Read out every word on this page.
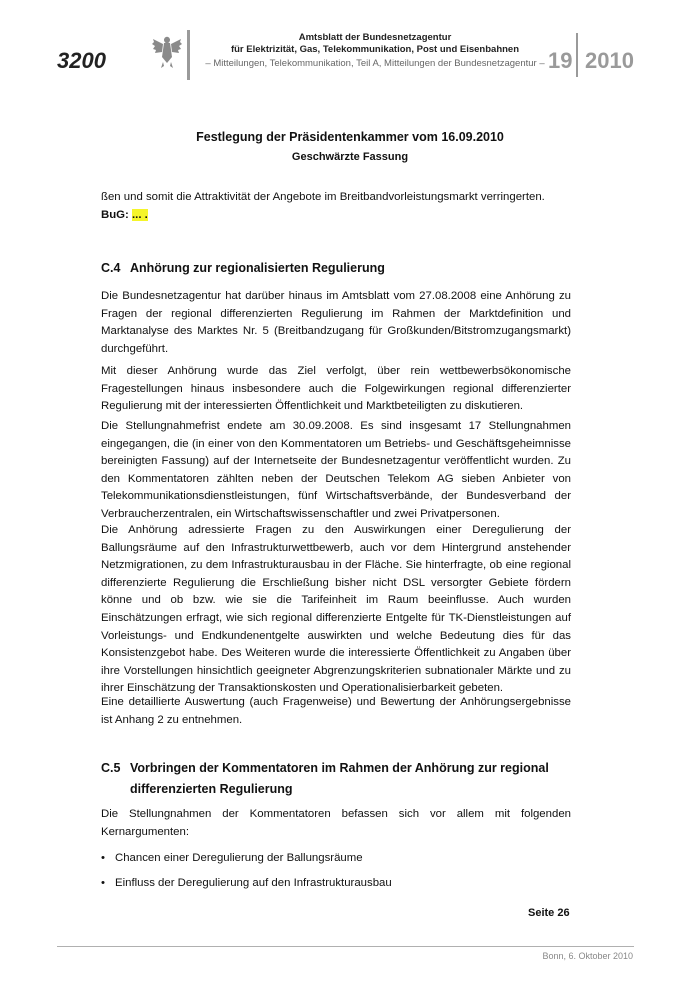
3200
Amtsblatt der Bundesnetzagentur
für Elektrizität, Gas, Telekommunikation, Post und Eisenbahnen
– Mitteilungen, Telekommunikation, Teil A, Mitteilungen der Bundesnetzagentur – 19 2010
Festlegung der Präsidentenkammer vom 16.09.2010
Geschwärzte Fassung
ßen und somit die Attraktivität der Angebote im Breitbandvorleistungsmarkt verringerten.
BuG: ... .
C.4 Anhörung zur regionalisierten Regulierung
Die Bundesnetzagentur hat darüber hinaus im Amtsblatt vom 27.08.2008 eine Anhörung zu Fragen der regional differenzierten Regulierung im Rahmen der Marktdefinition und Marktanalyse des Marktes Nr. 5 (Breitbandzugang für Großkunden/Bitstromzugangsmarkt) durchgeführt.
Mit dieser Anhörung wurde das Ziel verfolgt, über rein wettbewerbsökonomische Fragestellungen hinaus insbesondere auch die Folgewirkungen regional differenzierter Regulierung mit der interessierten Öffentlichkeit und Marktbeteiligten zu diskutieren.
Die Stellungnahmefrist endete am 30.09.2008. Es sind insgesamt 17 Stellungnahmen eingegangen, die (in einer von den Kommentatoren um Betriebs- und Geschäftsgeheimnisse bereinigten Fassung) auf der Internetseite der Bundesnetzagentur veröffentlicht wurden. Zu den Kommentatoren zählten neben der Deutschen Telekom AG sieben Anbieter von Telekommunikationsdienstleistungen, fünf Wirtschaftsverbände, der Bundesverband der Verbraucherzentralen, ein Wirtschaftswissenschaftler und zwei Privatpersonen.
Die Anhörung adressierte Fragen zu den Auswirkungen einer Deregulierung der Ballungsräume auf den Infrastrukturwettbewerb, auch vor dem Hintergrund anstehender Netzmigrationen, zu dem Infrastrukturausbau in der Fläche. Sie hinterfragte, ob eine regional differenzierte Regulierung die Erschließung bisher nicht DSL versorgter Gebiete fördern könne und ob bzw. wie sie die Tarifeinheit im Raum beeinflusse. Auch wurden Einschätzungen erfragt, wie sich regional differenzierte Entgelte für TK-Dienstleistungen auf Vorleistungs- und Endkundenentgelte auswirkten und welche Bedeutung dies für das Konsistenzgebot habe. Des Weiteren wurde die interessierte Öffentlichkeit zu Angaben über ihre Vorstellungen hinsichtlich geeigneter Abgrenzungskriterien subnationaler Märkte und zu ihrer Einschätzung der Transaktionskosten und Operationalisierbarkeit gebeten.
Eine detaillierte Auswertung (auch Fragenweise) und Bewertung der Anhörungsergebnisse ist Anhang 2 zu entnehmen.
C.5 Vorbringen der Kommentatoren im Rahmen der Anhörung zur regional
differenzierten Regulierung
Die Stellungnahmen der Kommentatoren befassen sich vor allem mit folgenden Kernargumenten:
• Chancen einer Deregulierung der Ballungsräume
• Einfluss der Deregulierung auf den Infrastrukturausbau
Seite 26
Bonn, 6. Oktober 2010
